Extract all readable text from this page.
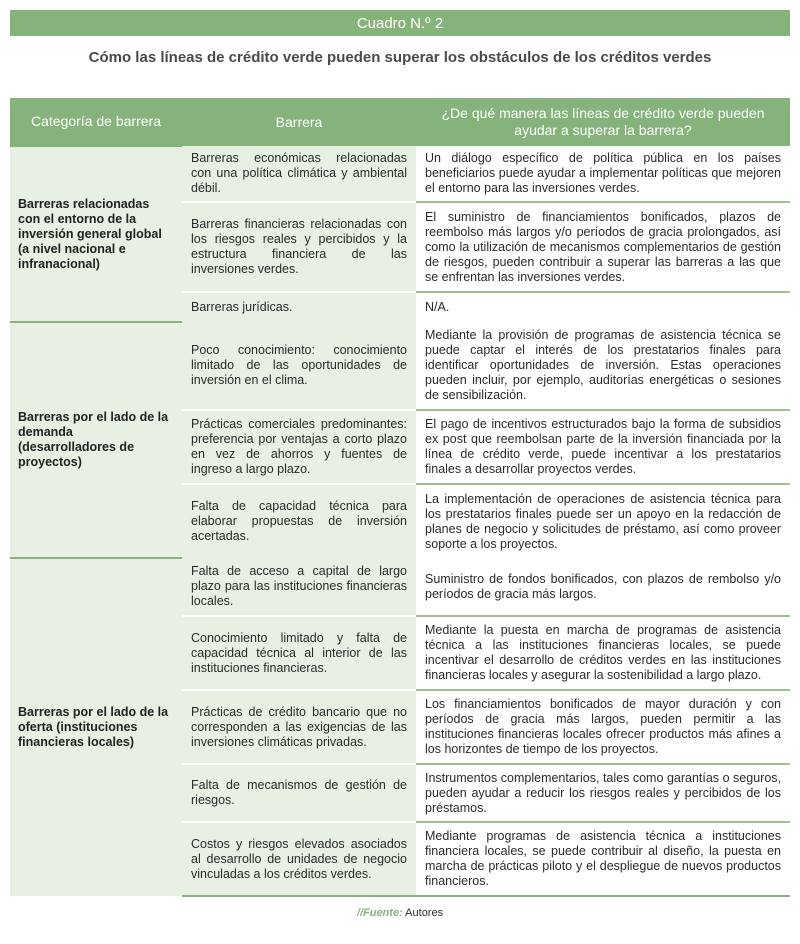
Cuadro N.º 2
Cómo las líneas de crédito verde pueden superar los obstáculos de los créditos verdes
Categoría de barrera	Barrera	¿De qué manera las líneas de crédito verde pueden ayudar a superar la barrera?
Barreras relacionadas con el entorno de la inversión general global (a nivel nacional e infranacional)	Barreras económicas relacionadas con una política climática y ambiental débil.	Un diálogo específico de política pública en los países beneficiarios puede ayudar a implementar políticas que mejoren el entorno para las inversiones verdes.
	Barreras financieras relacionadas con los riesgos reales y percibidos y la estructura financiera de las inversiones verdes.	El suministro de financiamientos bonificados, plazos de reembolso más largos y/o períodos de gracia prolongados, así como la utilización de mecanismos complementarios de gestión de riesgos, pueden contribuir a superar las barreras a las que se enfrentan las inversiones verdes.
	Barreras jurídicas.	N/A.
Barreras por el lado de la demanda (desarrolladores de proyectos)	Poco conocimiento: conocimiento limitado de las oportunidades de inversión en el clima.	Mediante la provisión de programas de asistencia técnica se puede captar el interés de los prestatarios finales para identificar oportunidades de inversión. Estas operaciones pueden incluir, por ejemplo, auditorías energéticas o sesiones de sensibilización.
	Prácticas comerciales predominantes: preferencia por ventajas a corto plazo en vez de ahorros y fuentes de ingreso a largo plazo.	El pago de incentivos estructurados bajo la forma de subsidios ex post que reembolsan parte de la inversión financiada por la línea de crédito verde, puede incentivar a los prestatarios finales a desarrollar proyectos verdes.
	Falta de capacidad técnica para elaborar propuestas de inversión acertadas.	La implementación de operaciones de asistencia técnica para los prestatarios finales puede ser un apoyo en la redacción de planes de negocio y solicitudes de préstamo, así como proveer soporte a los proyectos.
Barreras por el lado de la oferta (instituciones financieras locales)	Falta de acceso a capital de largo plazo para las instituciones financieras locales.	Suministro de fondos bonificados, con plazos de rembolso y/o períodos de gracia más largos.
	Conocimiento limitado y falta de capacidad técnica al interior de las instituciones financieras.	Mediante la puesta en marcha de programas de asistencia técnica a las instituciones financieras locales, se puede incentivar el desarrollo de créditos verdes en las instituciones financieras locales y asegurar la sostenibilidad a largo plazo.
	Prácticas de crédito bancario que no corresponden a las exigencias de las inversiones climáticas privadas.	Los financiamientos bonificados de mayor duración y con períodos de gracia más largos, pueden permitir a las instituciones financieras locales ofrecer productos más afines a los horizontes de tiempo de los proyectos.
	Falta de mecanismos de gestión de riesgos.	Instrumentos complementarios, tales como garantías o seguros, pueden ayudar a reducir los riesgos reales y percibidos de los préstamos.
	Costos y riesgos elevados asociados al desarrollo de unidades de negocio vinculadas a los créditos verdes.	Mediante programas de asistencia técnica a instituciones financiera locales, se puede contribuir al diseño, la puesta en marcha de prácticas piloto y el despliegue de nuevos productos financieros.
//Fuente: Autores
